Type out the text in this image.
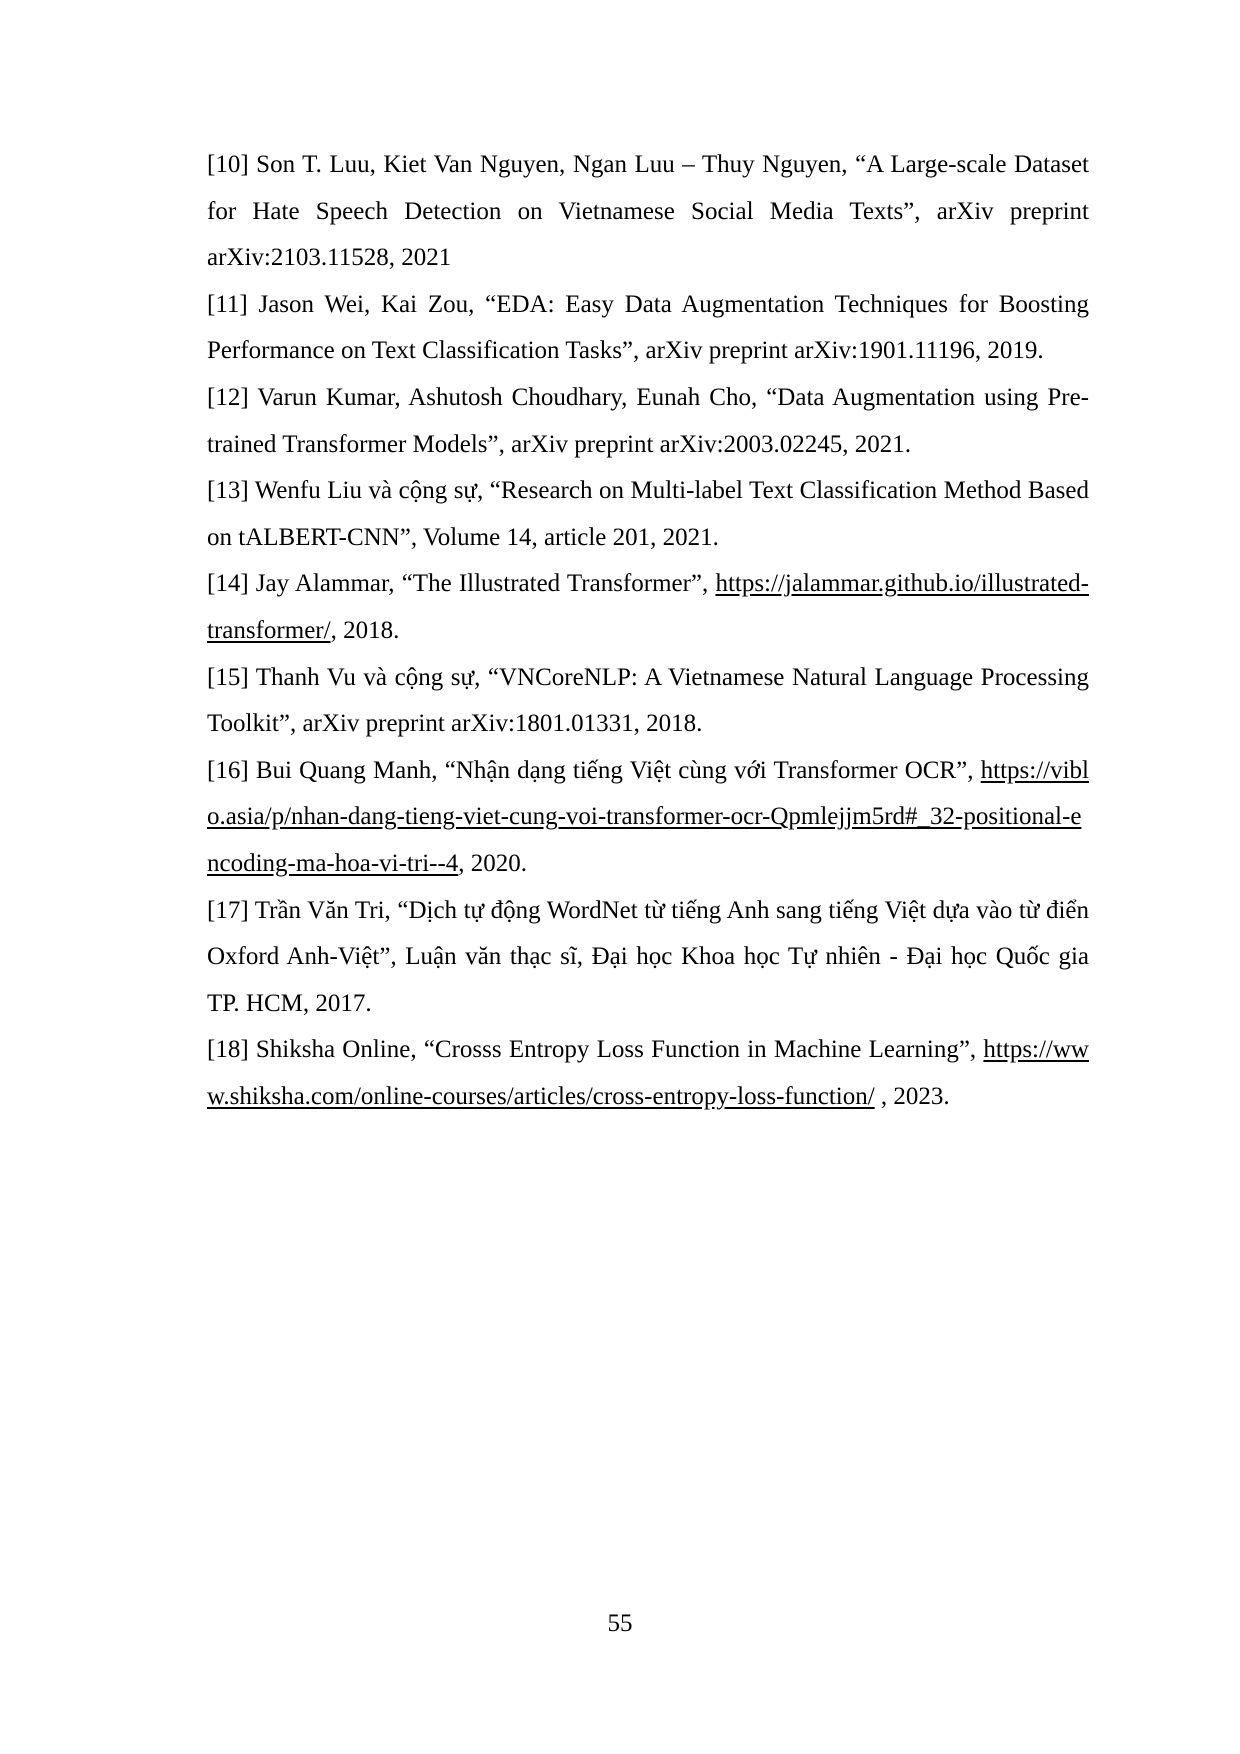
[10] Son T. Luu, Kiet Van Nguyen, Ngan Luu – Thuy Nguyen, “A Large-scale Dataset for Hate Speech Detection on Vietnamese Social Media Texts”, arXiv preprint arXiv:2103.11528, 2021

[11] Jason Wei, Kai Zou, “EDA: Easy Data Augmentation Techniques for Boosting Performance on Text Classification Tasks”, arXiv preprint arXiv:1901.11196, 2019.

[12] Varun Kumar, Ashutosh Choudhary, Eunah Cho, “Data Augmentation using Pre-trained Transformer Models”, arXiv preprint arXiv:2003.02245, 2021.

[13] Wenfu Liu và cộng sự, “Research on Multi-label Text Classification Method Based on tALBERT-CNN”, Volume 14, article 201, 2021.

[14] Jay Alammar, “The Illustrated Transformer”, https://jalammar.github.io/illustrated-transformer/, 2018.

[15] Thanh Vu và cộng sự, “VNCoreNLP: A Vietnamese Natural Language Processing Toolkit”, arXiv preprint arXiv:1801.01331, 2018.

[16] Bui Quang Manh, “Nhận dạng tiếng Việt cùng với Transformer OCR”, https://viblo.asia/p/nhan-dang-tieng-viet-cung-voi-transformer-ocr-Qpmlejjm5rd#_32-positional-encoding-ma-hoa-vi-tri--4, 2020.

[17] Trần Văn Tri, “Dịch tự động WordNet từ tiếng Anh sang tiếng Việt dựa vào từ điển Oxford Anh-Việt”, Luận văn thạc sĩ, Đại học Khoa học Tự nhiên - Đại học Quốc gia TP. HCM, 2017.

[18] Shiksha Online, “Crosss Entropy Loss Function in Machine Learning”, https://www.shiksha.com/online-courses/articles/cross-entropy-loss-function/ , 2023.

55
